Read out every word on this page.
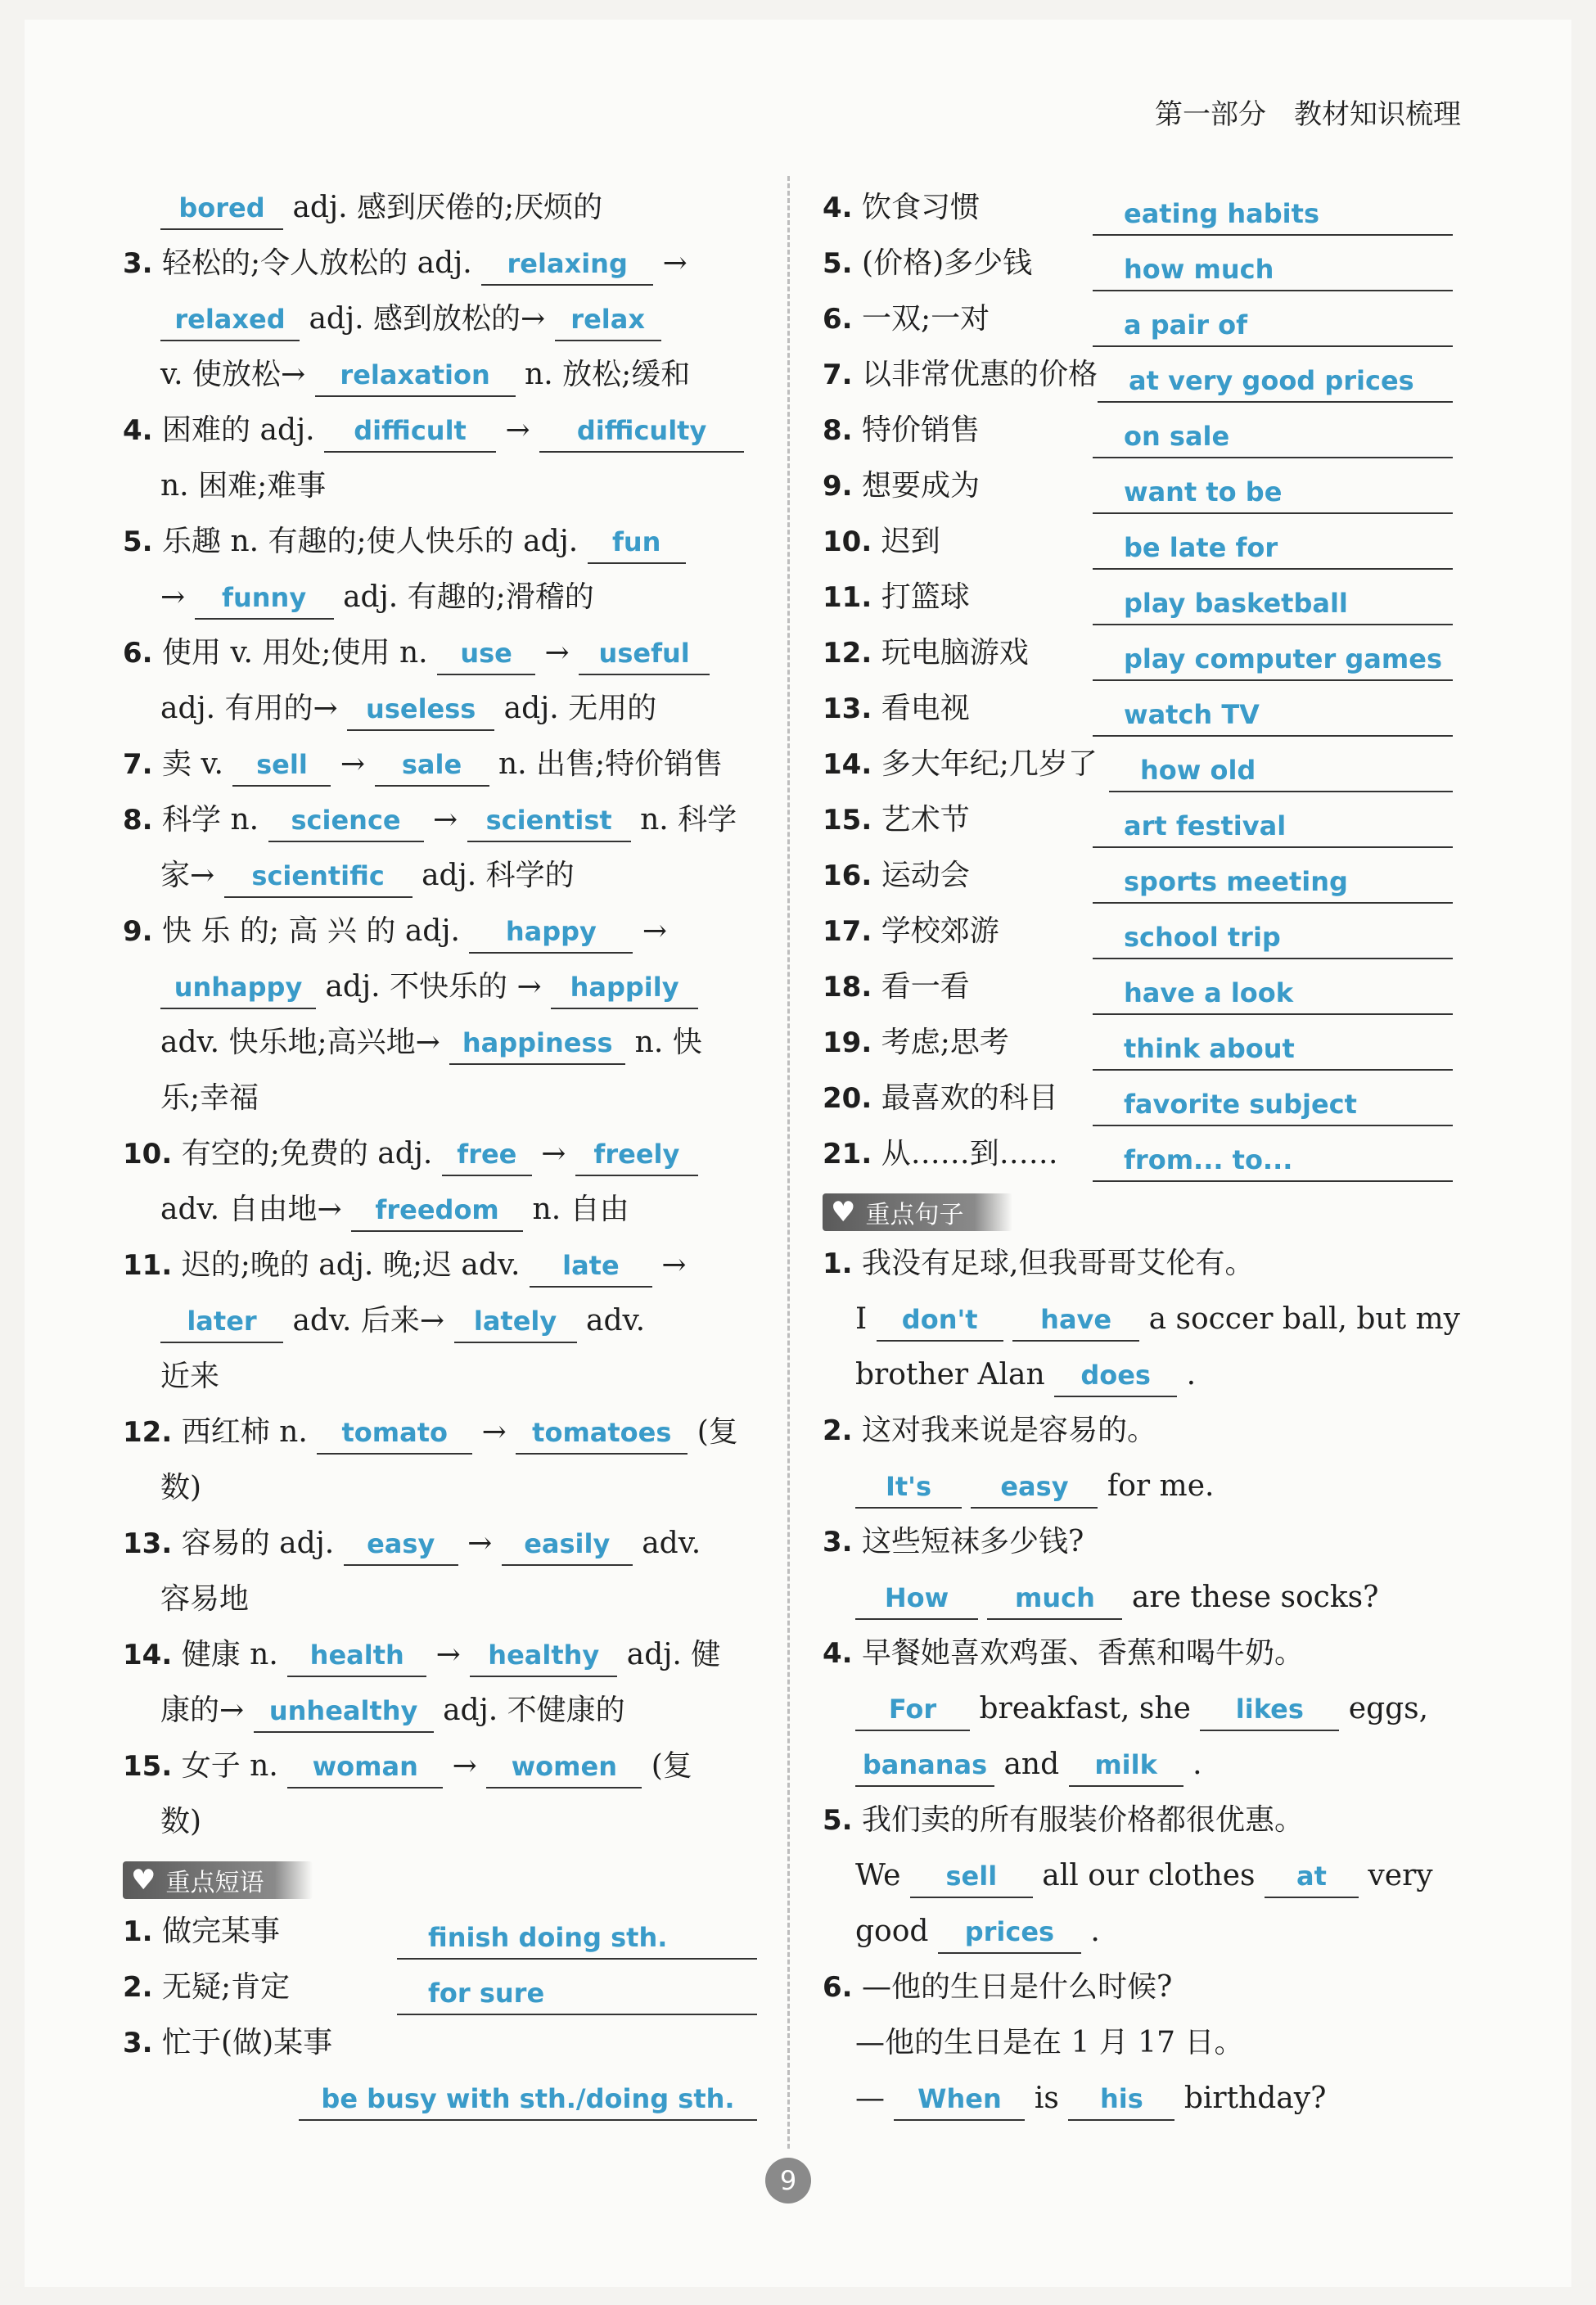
第一部分　教材知识梳理
bored adj. 感到厌倦的;厌烦的
3. 轻松的;令人放松的 adj. relaxing →
relaxed adj. 感到放松的→ relax
v. 使放松→ relaxation n. 放松;缓和
4. 困难的 adj. difficult → difficulty
n. 困难;难事
5. 乐趣 n. 有趣的;使人快乐的 adj. fun
→ funny adj. 有趣的;滑稽的
6. 使用 v. 用处;使用 n. use → useful
adj. 有用的→ useless adj. 无用的
7. 卖 v. sell → sale n. 出售;特价销售
8. 科学 n. science → scientist n. 科学
家→ scientific adj. 科学的
9. 快 乐 的; 高 兴 的 adj. happy →
unhappy adj. 不快乐的 → happily
adv. 快乐地;高兴地→ happiness n. 快
乐;幸福
10. 有空的;免费的 adj. free → freely
adv. 自由地→ freedom n. 自由
11. 迟的;晚的 adj. 晚;迟 adv. late →
later adv. 后来→ lately adv.
近来
12. 西红柿 n. tomato → tomatoes (复
数)
13. 容易的 adj. easy → easily adv.
容易地
14. 健康 n. health → healthy adj. 健
康的→ unhealthy adj. 不健康的
15. 女子 n. woman → women (复
数)
♥ 重点短语
1. 做完某事	finish doing sth.
2. 无疑;肯定	for sure
3. 忙于(做)某事
be busy with sth./doing sth.
4. 饮食习惯	eating habits
5. (价格)多少钱	how much
6. 一双;一对	a pair of
7. 以非常优惠的价格	at very good prices
8. 特价销售	on sale
9. 想要成为	want to be
10. 迟到	be late for
11. 打篮球	play basketball
12. 玩电脑游戏	play computer games
13. 看电视	watch TV
14. 多大年纪;几岁了	how old
15. 艺术节	art festival
16. 运动会	sports meeting
17. 学校郊游	school trip
18. 看一看	have a look
19. 考虑;思考	think about
20. 最喜欢的科目	favorite subject
21. 从……到……	from... to...
♥ 重点句子
1. 我没有足球,但我哥哥艾伦有。
I don't have a soccer ball, but my
brother Alan does .
2. 这对我来说是容易的。
It's	easy for me.
3. 这些短袜多少钱?
How	much are these socks?
4. 早餐她喜欢鸡蛋、香蕉和喝牛奶。
For breakfast, she likes eggs,
bananas and milk .
5. 我们卖的所有服装价格都很优惠。
We sell all our clothes at very
good prices .
6. —他的生日是什么时候?
—他的生日是在 1 月 17 日。
— When is his birthday?
9
